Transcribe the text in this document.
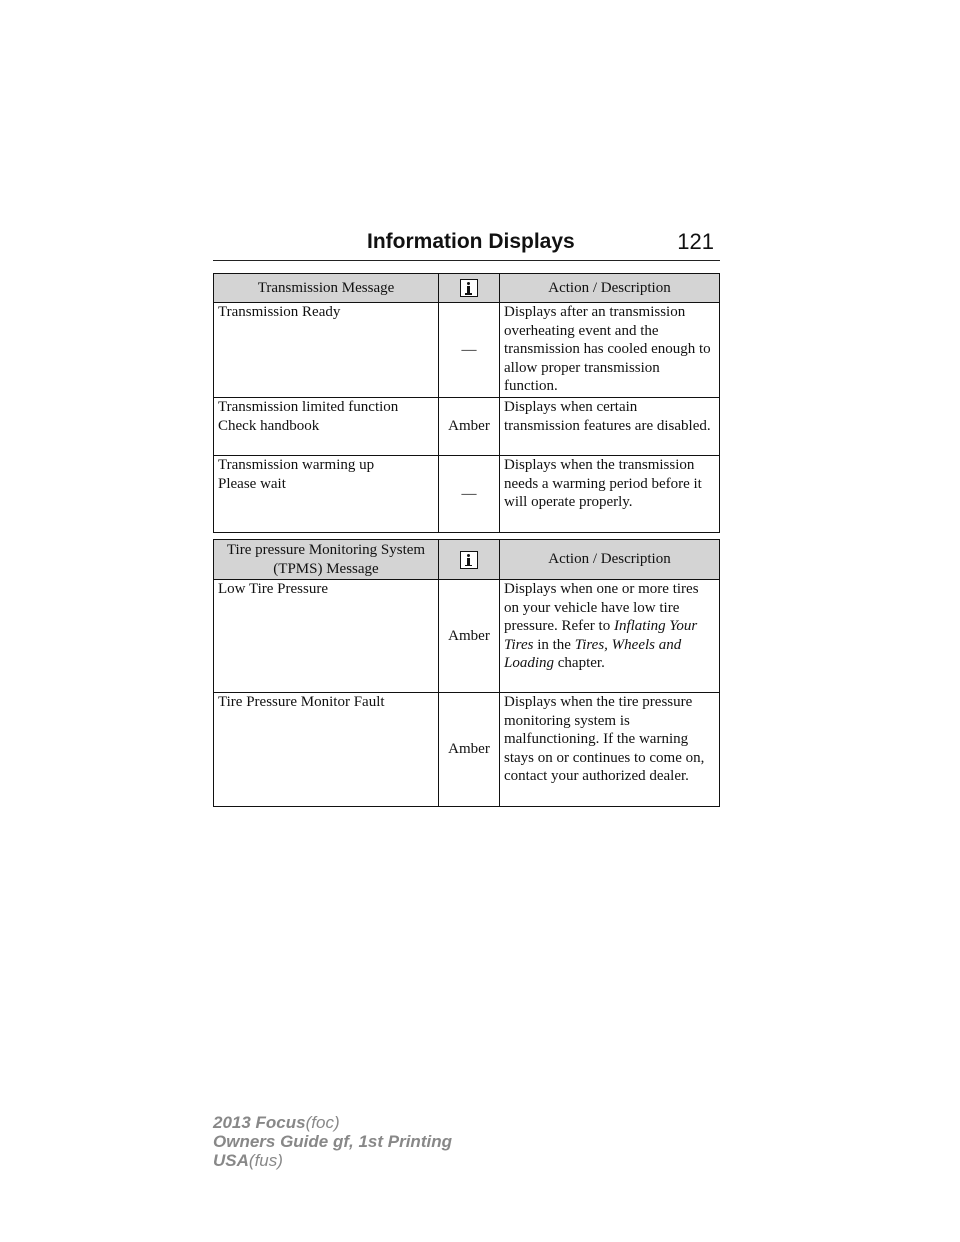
Information Displays	121
Transmission Message		Action / Description
Transmission Ready	—	Displays after an transmission overheating event and the transmission has cooled enough to allow proper transmission function.
Transmission limited function
Check handbook	Amber	Displays when certain transmission features are disabled.
Transmission warming up
Please wait	—	Displays when the transmission needs a warming period before it will operate properly.
Tire pressure Monitoring System (TPMS) Message		Action / Description
Low Tire Pressure	Amber	Displays when one or more tires on your vehicle have low tire pressure. Refer to Inflating Your Tires in the Tires, Wheels and Loading chapter.
Tire Pressure Monitor Fault	Amber	Displays when the tire pressure monitoring system is malfunctioning. If the warning stays on or continues to come on, contact your authorized dealer.
2013 Focus(foc)
Owners Guide gf, 1st Printing
USA(fus)
